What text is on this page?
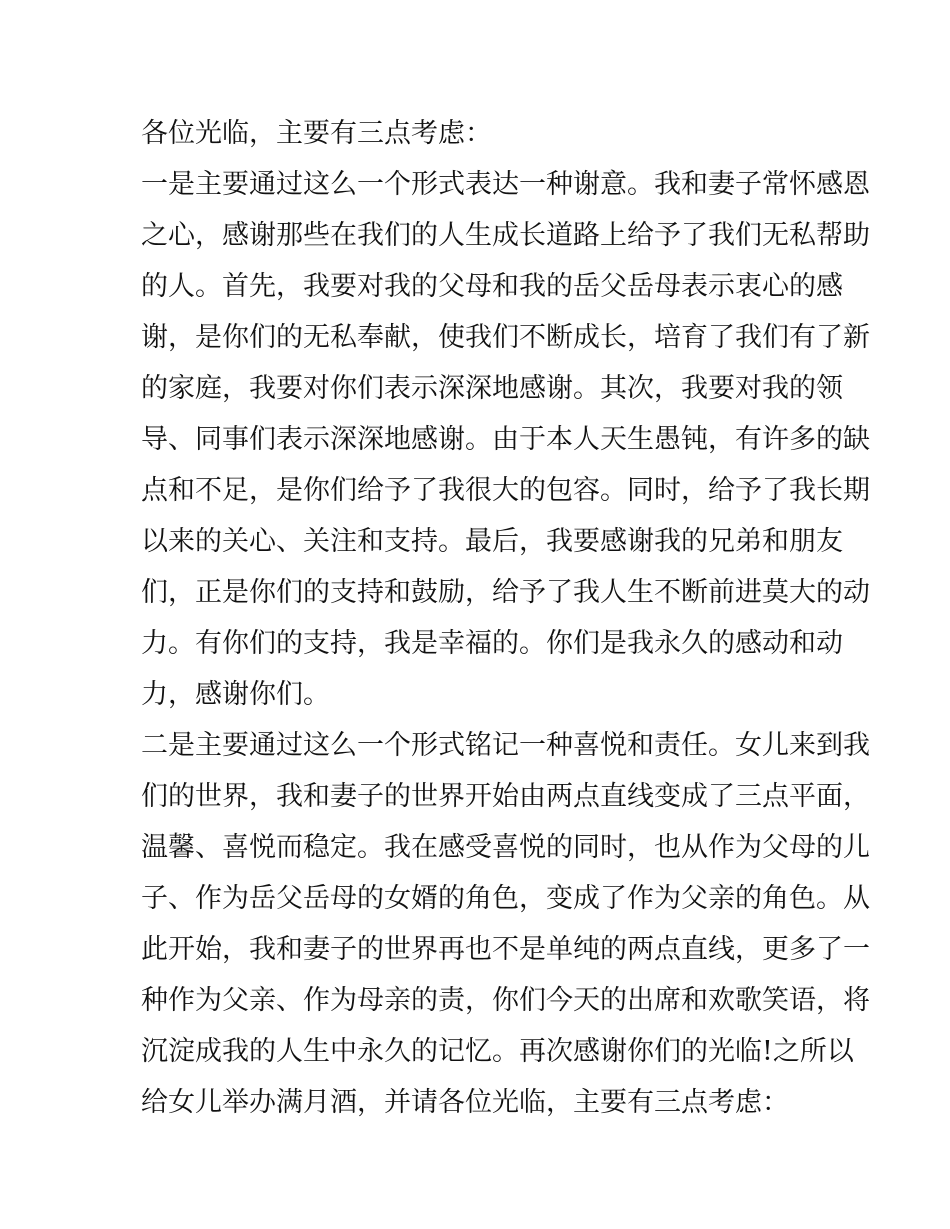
各位光临，主要有三点考虑：

一是主要通过这么一个形式表达一种谢意。我和妻子常怀感恩

之心，感谢那些在我们的人生成长道路上给予了我们无私帮助

的人。首先，我要对我的父母和我的岳父岳母表示衷心的感

谢，是你们的无私奉献，使我们不断成长，培育了我们有了新

的家庭，我要对你们表示深深地感谢。其次，我要对我的领

导、同事们表示深深地感谢。由于本人天生愚钝，有许多的缺

点和不足，是你们给予了我很大的包容。同时，给予了我长期

以来的关心、关注和支持。最后，我要感谢我的兄弟和朋友

们，正是你们的支持和鼓励，给予了我人生不断前进莫大的动

力。有你们的支持，我是幸福的。你们是我永久的感动和动

力，感谢你们。

二是主要通过这么一个形式铭记一种喜悦和责任。女儿来到我

们的世界，我和妻子的世界开始由两点直线变成了三点平面，

温馨、喜悦而稳定。我在感受喜悦的同时，也从作为父母的儿

子、作为岳父岳母的女婿的角色，变成了作为父亲的角色。从

此开始，我和妻子的世界再也不是单纯的两点直线，更多了一

种作为父亲、作为母亲的责，你们今天的出席和欢歌笑语，将

沉淀成我的人生中永久的记忆。再次感谢你们的光临!之所以

给女儿举办满月酒，并请各位光临，主要有三点考虑：
